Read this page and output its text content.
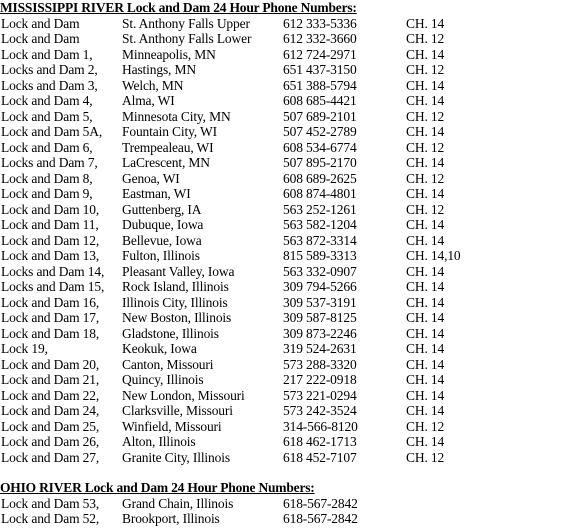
MISSISSIPPI RIVER Lock and Dam 24 Hour Phone Numbers:
Lock and Dam	St. Anthony Falls Upper 612 333-5336	CH. 14
Lock and Dam	St. Anthony Falls Lower 612 332-3660	CH. 12
Lock and Dam 1, Minneapolis, MN	612 724-2971	CH. 14
Locks and Dam 2, Hastings, MN	651 437-3150	CH. 12
Locks and Dam 3, Welch, MN	651 388-5794	CH. 14
Lock and Dam 4, Alma, WI	608 685-4421	CH. 14
Lock and Dam 5, Minnesota City, MN	507 689-2101	CH. 12
Lock and Dam 5A, Fountain City, WI	507 452-2789	CH. 14
Lock and Dam 6, Trempealeau, WI	608 534-6774	CH. 12
Locks and Dam 7, LaCrescent, MN	507 895-2170	CH. 14
Lock and Dam 8, Genoa, WI	608 689-2625	CH. 12
Lock and Dam 9, Eastman, WI	608 874-4801	CH. 14
Lock and Dam 10, Guttenberg, IA	563 252-1261	CH. 12
Lock and Dam 11, Dubuque, Iowa	563 582-1204	CH. 14
Lock and Dam 12, Bellevue, Iowa	563 872-3314	CH. 14
Lock and Dam 13, Fulton, Illinois	815 589-3313	CH. 14,10
Locks and Dam 14, Pleasant Valley, Iowa	563 332-0907	CH. 14
Locks and Dam 15, Rock Island, Illinois	309 794-5266	CH. 14
Lock and Dam 16, Illinois City, Illinois	309 537-3191	CH. 14
Lock and Dam 17, New Boston, Illinois	309 587-8125	CH. 14
Lock and Dam 18, Gladstone, Illinois	309 873-2246	CH. 14
Lock 19,	Keokuk, Iowa	319 524-2631	CH. 14
Lock and Dam 20, Canton, Missouri	573 288-3320	CH. 14
Lock and Dam 21, Quincy, Illinois	217 222-0918	CH. 14
Lock and Dam 22, New London, Missouri	573 221-0294	CH. 14
Lock and Dam 24, Clarksville, Missouri	573 242-3524	CH. 14
Lock and Dam 25, Winfield, Missouri	314-566-8120	CH. 12
Lock and Dam 26, Alton, Illinois	618 462-1713	CH. 14
Lock and Dam 27, Granite City, Illinois	618 452-7107	CH. 12
OHIO RIVER Lock and Dam 24 Hour Phone Numbers:
Lock and Dam 53, Grand Chain, Illinois	618-567-2842
Lock and Dam 52, Brookport, Illinois	618-567-2842
